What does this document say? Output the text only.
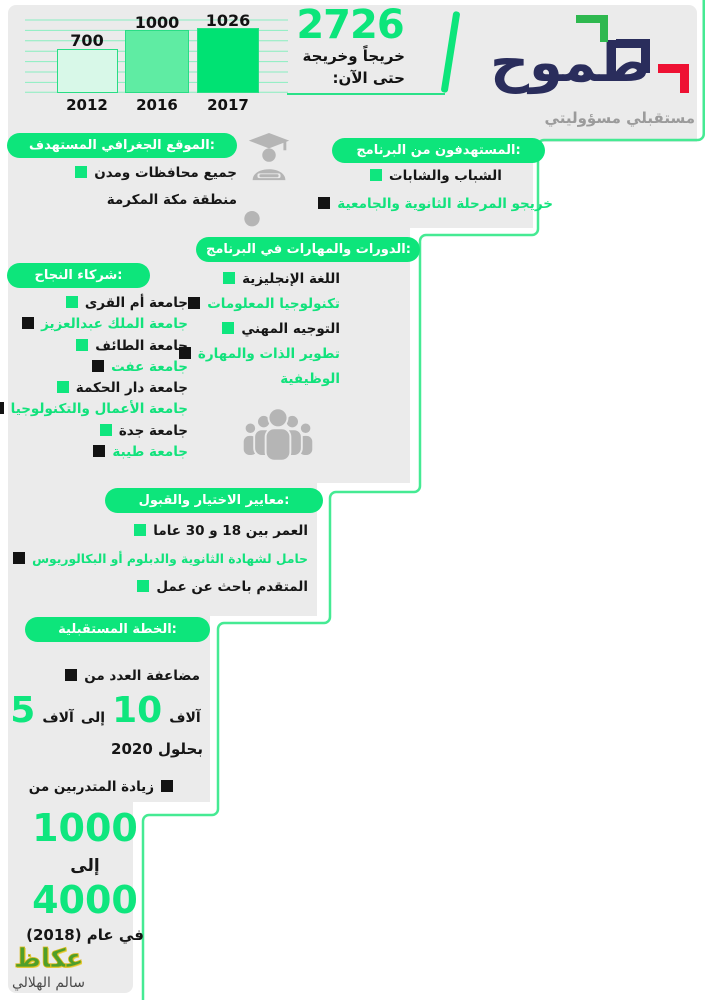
700
1000	1026
2012	2016	2017
2726
خريجاً وخريجة
حتى الآن: طموح
مستقبلي مسؤوليتي
الموقع الجغرافي المستهدف:	المستهدفون من البرنامج:
الدورات والمهارات في البرنامج:
شركاء النجاح:
معايير الاختيار والقبول:
الخطة المستقبلية:
جميع محافظات ومدن
منطقة مكة المكرمة
الشباب والشابات
خريجو المرحلة الثانوية والجامعية
اللغة الإنجليزية
تكنولوجيا المعلومات
التوجيه المهني
تطوير الذات والمهارة
الوظيفية
جامعة أم القرى
جامعة الملك عبدالعزيز
جامعة الطائف
جامعة عفت
جامعة دار الحكمة
جامعة الأعمال والتكنولوجيا
جامعة جدة
جامعة طيبة
العمر بين 18 و 30 عاما
حامل لشهادة الثانوية والدبلوم أو البكالوريوس
المتقدم باحث عن عمل
مضاعفة العدد من
5 آلاف إلى 10 آلاف
بحلول 2020
زيادة المتدربين من
1000
إلى
4000
في عام (2018)
عكاظ
سالم الهلالي
